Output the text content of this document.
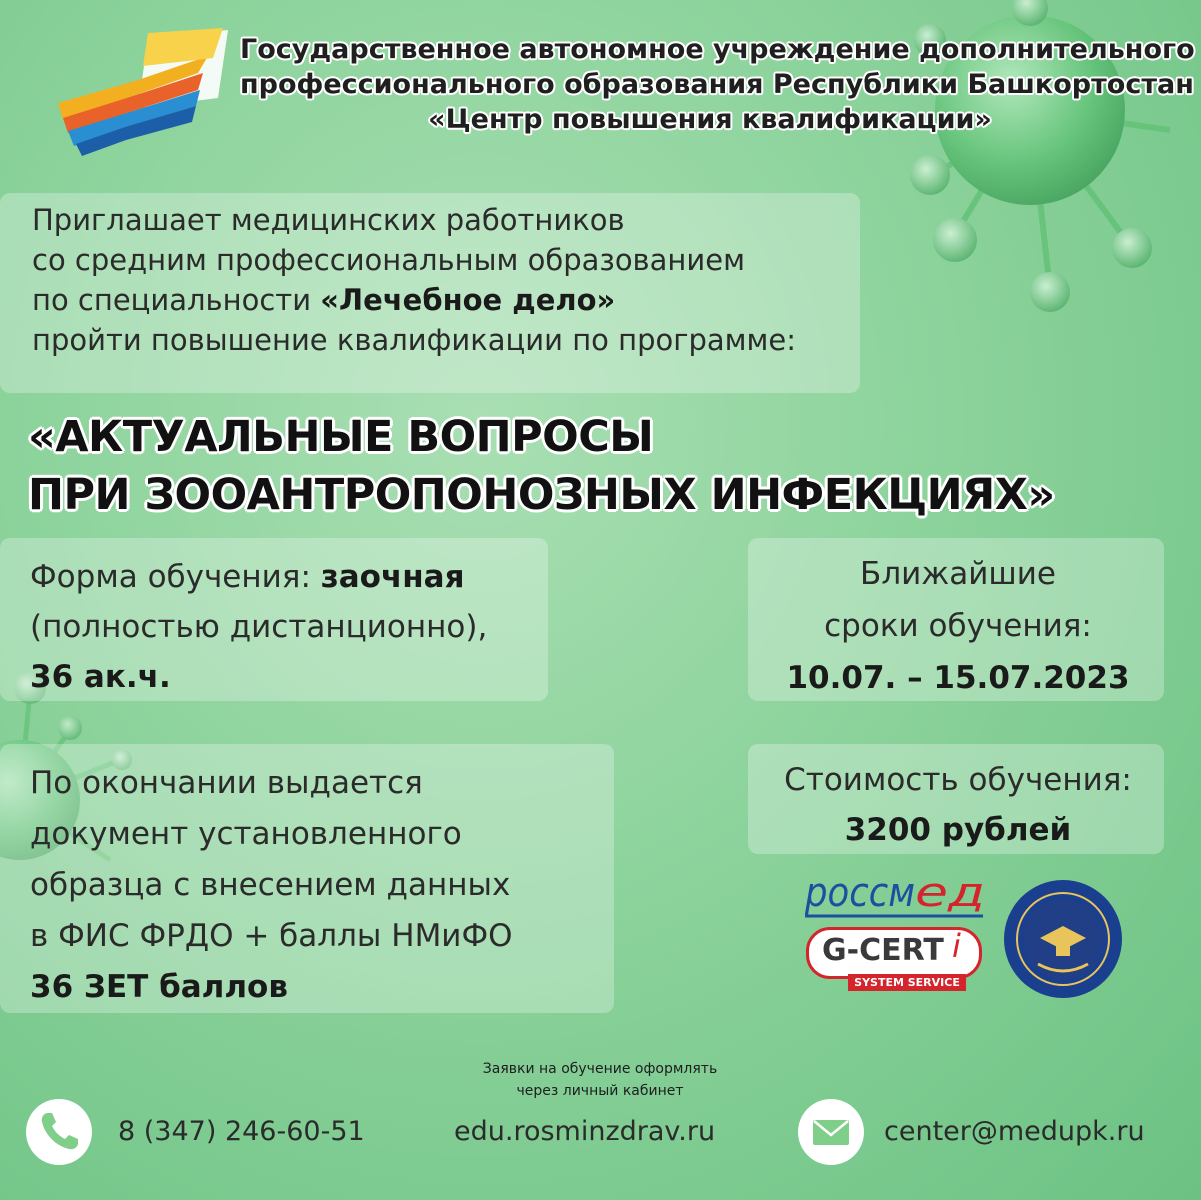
Государственное автономное учреждение дополнительного
профессионального образования Республики Башкортостан
«Центр повышения квалификации»
Приглашает медицинских работников
со средним профессиональным образованием
по специальности «Лечебное дело»
пройти повышение квалификации по программе:
«АКТУАЛЬНЫЕ ВОПРОСЫ
ПРИ ЗООАНТРОПОНОЗНЫХ ИНФЕКЦИЯХ»
Форма обучения: заочная
(полностью дистанционно),
36 ак.ч.
Ближайшие
сроки обучения:
10.07. – 15.07.2023
По окончании выдается
документ установленного
образца с внесением данных
в ФИС ФРДО + баллы НМиФО
36 ЗЕТ баллов
Стоимость обучения:
3200 рублей
россм ед
G-CERT i
SYSTEM SERVICE
Заявки на обучение оформлять
через личный кабинет
8 (347) 246-60-51	edu.rosminzdrav.ru	center@medupk.ru
